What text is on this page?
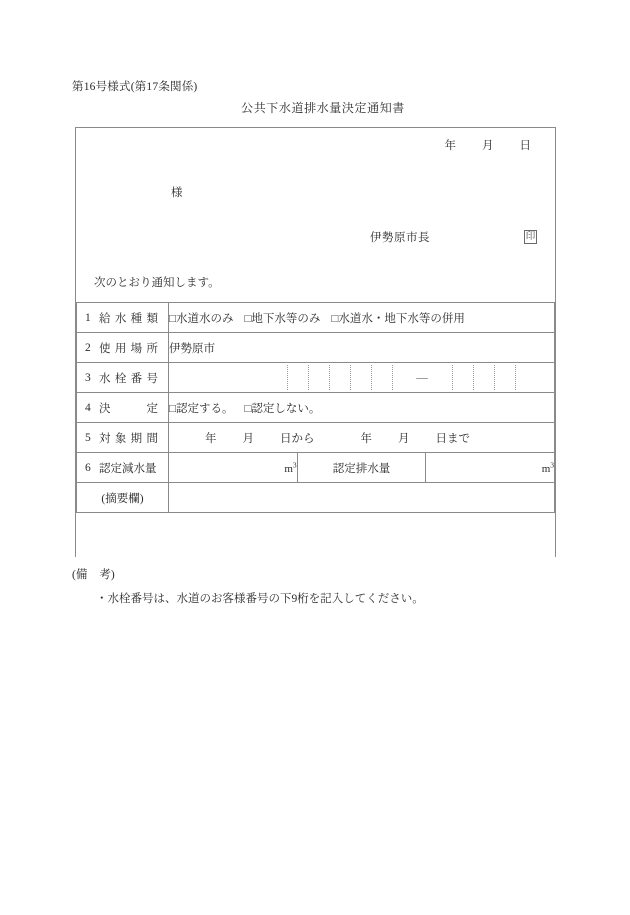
第16号様式(第17条関係)
公共下水道排水量決定通知書
年 月 日
様
伊勢原市長	印
次のとおり通知します。
1 給 水 種 類	□水道水のみ □地下水等のみ □水道水・地下水等の併用		

2 使 用 場 所	伊勢原市		

3 水 栓 番 号	—		

4 決 定	□認定する。 □認定しない。		

5 対 象 期 間	年 月 日から 年 月 日まで		

6 認定減水量	$m^3$	認定排水量	$m^3$
(摘要欄)			
(備 考)
・水栓番号は、水道のお客様番号の下9桁を記入してください。
